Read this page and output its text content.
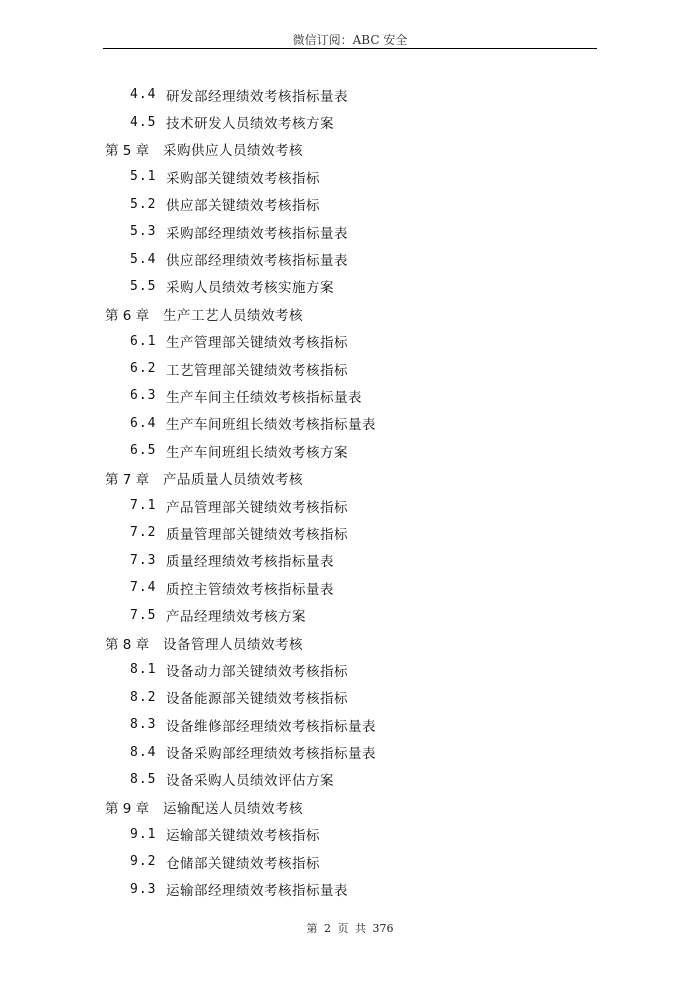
微信订阅：ABC 安全
4.4 研发部经理绩效考核指标量表
4.5 技术研发人员绩效考核方案
第 5 章	采购供应人员绩效考核
5.1 采购部关键绩效考核指标
5.2 供应部关键绩效考核指标
5.3 采购部经理绩效考核指标量表
5.4 供应部经理绩效考核指标量表
5.5 采购人员绩效考核实施方案
第 6 章	生产工艺人员绩效考核
6.1 生产管理部关键绩效考核指标
6.2 工艺管理部关键绩效考核指标
6.3 生产车间主任绩效考核指标量表
6.4 生产车间班组长绩效考核指标量表
6.5 生产车间班组长绩效考核方案
第 7 章	产品质量人员绩效考核
7.1 产品管理部关键绩效考核指标
7.2 质量管理部关键绩效考核指标
7.3 质量经理绩效考核指标量表
7.4 质控主管绩效考核指标量表
7.5 产品经理绩效考核方案
第 8 章	设备管理人员绩效考核
8.1 设备动力部关键绩效考核指标
8.2 设备能源部关键绩效考核指标
8.3 设备维修部经理绩效考核指标量表
8.4 设备采购部经理绩效考核指标量表
8.5 设备采购人员绩效评估方案
第 9 章	运输配送人员绩效考核
9.1 运输部关键绩效考核指标
9.2 仓储部关键绩效考核指标
9.3 运输部经理绩效考核指标量表
第 2 页 共 376
